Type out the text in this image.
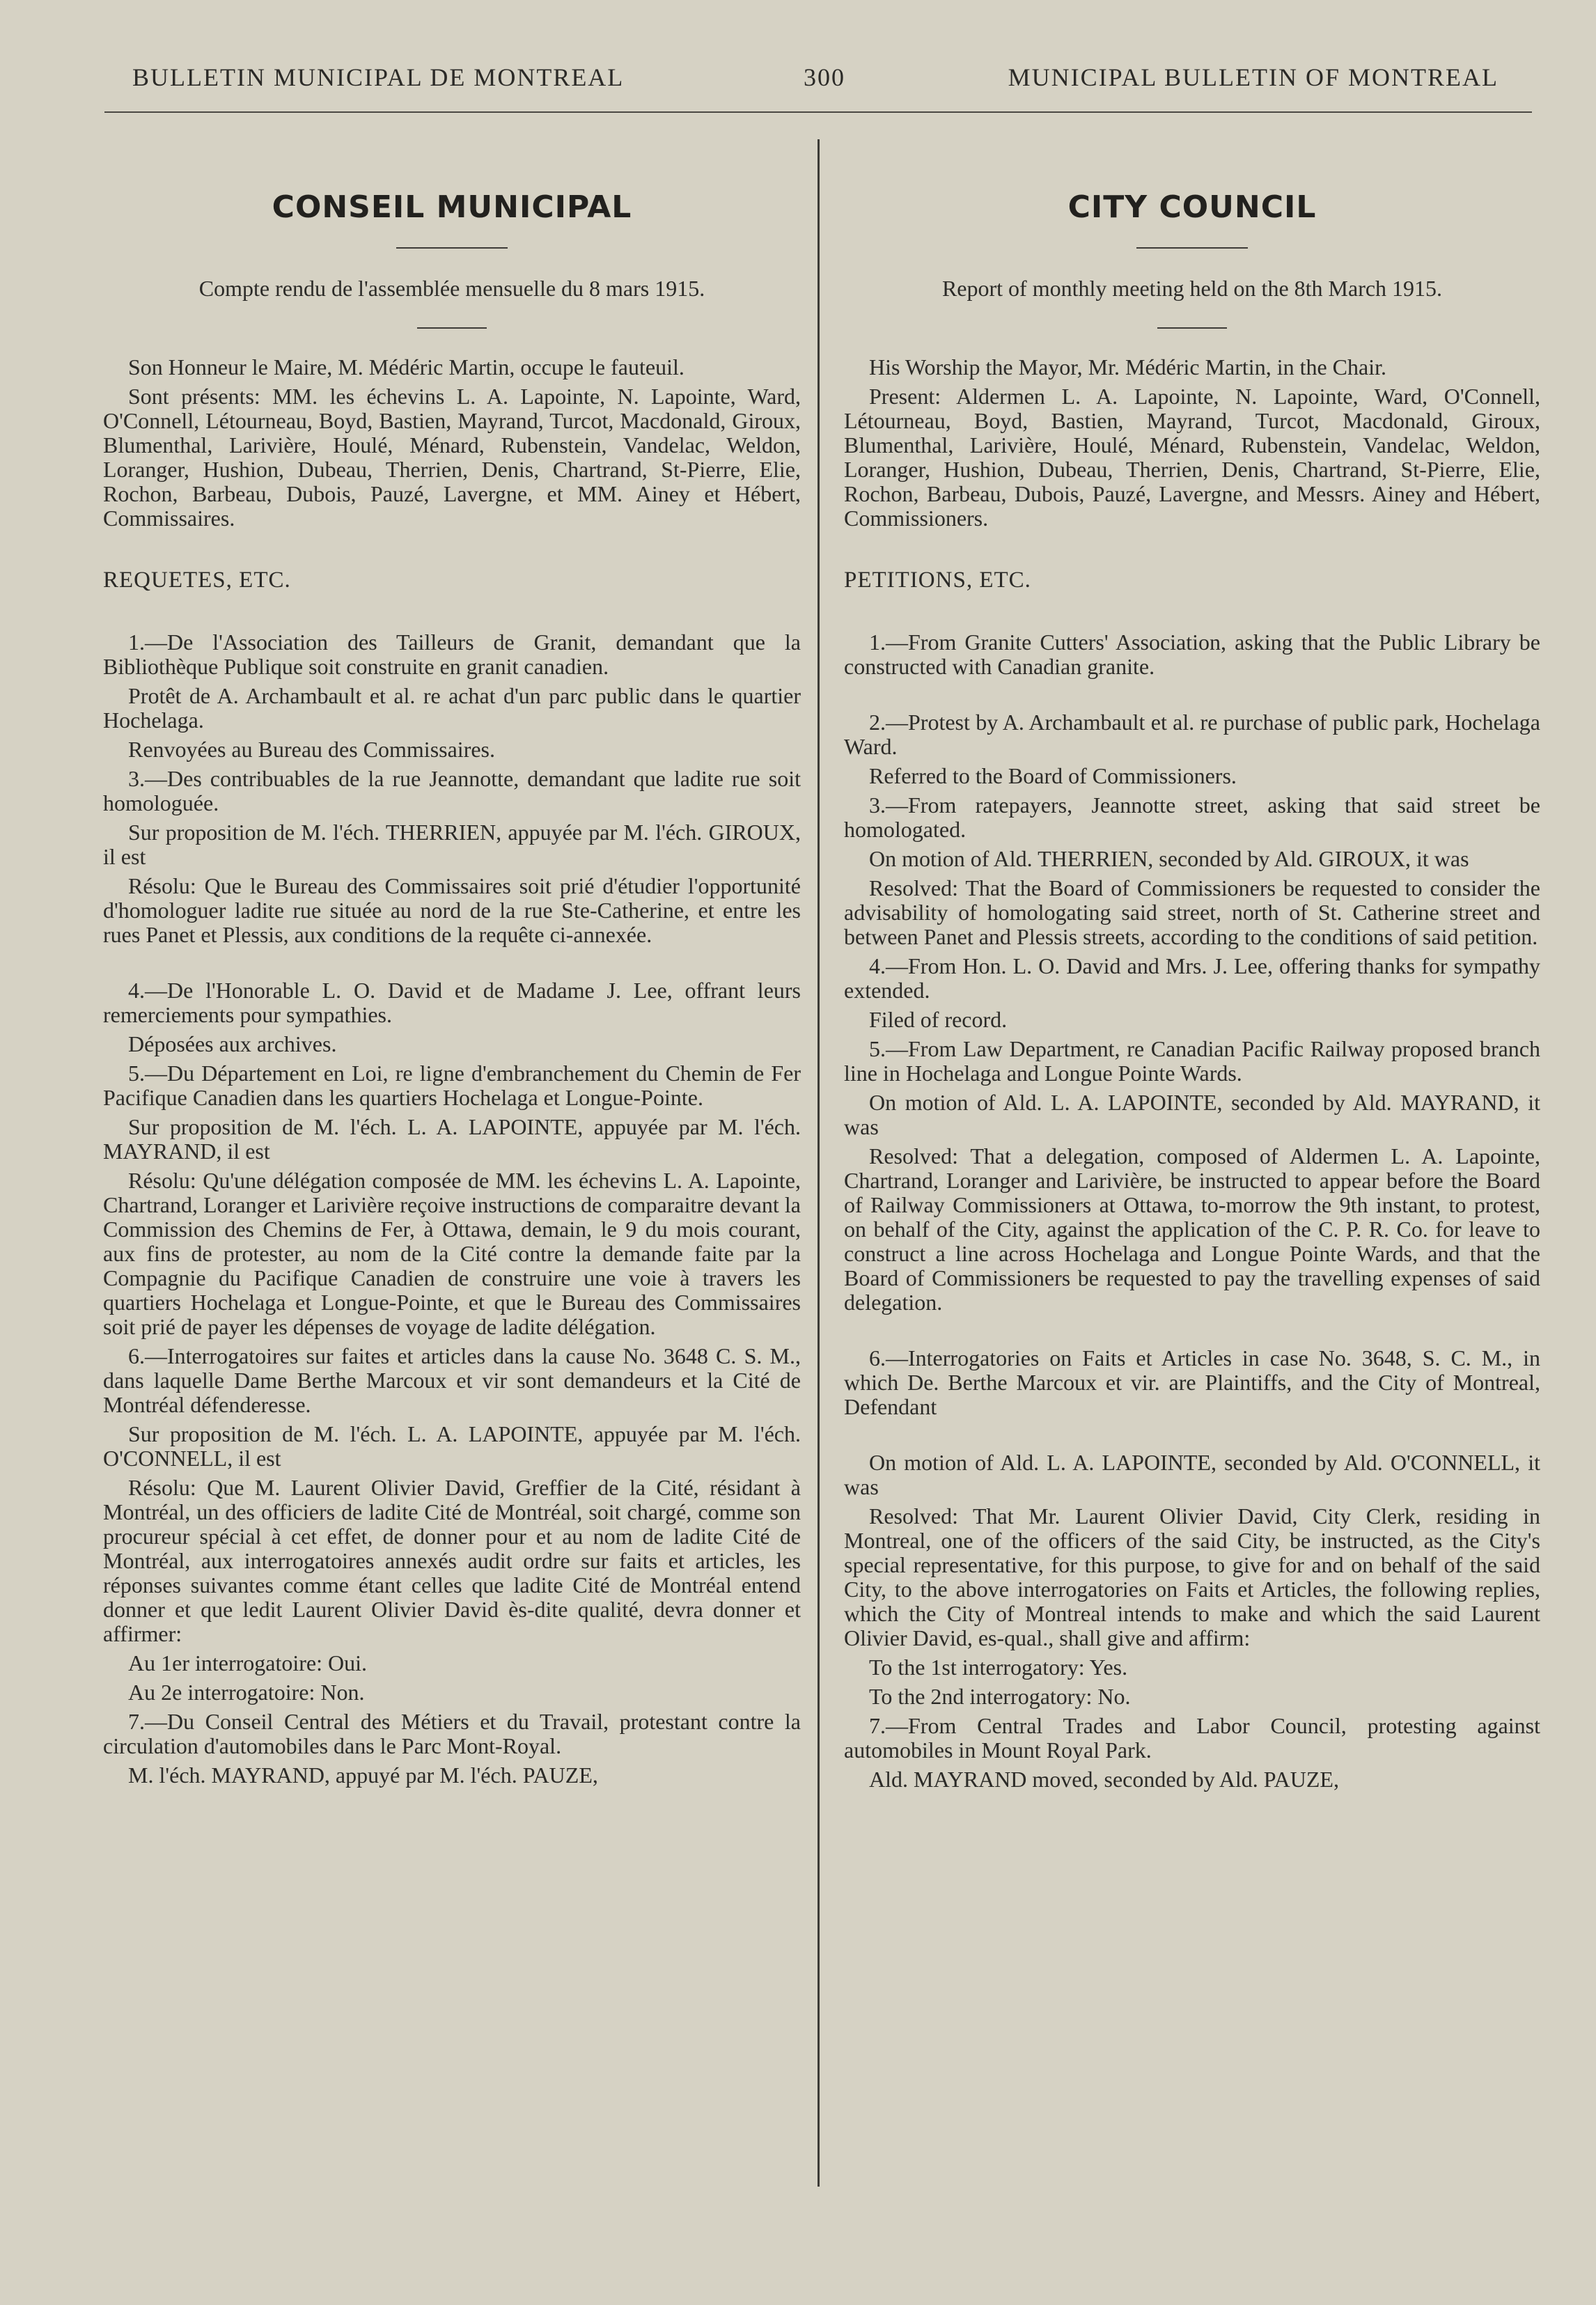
BULLETIN MUNICIPAL DE MONTREAL	300	MUNICIPAL BULLETIN OF MONTREAL
CONSEIL MUNICIPAL

Compte rendu de l'assemblée mensuelle du 8 mars 1915.

Son Honneur le Maire, M. Médéric Martin, occupe le fauteuil.

Sont présents: MM. les échevins L. A. Lapointe, N. Lapointe, Ward, O'Connell, Létourneau, Boyd, Bastien, Mayrand, Turcot, Macdonald, Giroux, Blumenthal, Larivière, Houlé, Ménard, Rubenstein, Vandelac, Weldon, Loranger, Hushion, Dubeau, Therrien, Denis, Chartrand, St-Pierre, Elie, Rochon, Barbeau, Dubois, Pauzé, Lavergne, et MM. Ainey et Hébert, Commissaires.

REQUETES, ETC.

1.—De l'Association des Tailleurs de Granit, demandant que la Bibliothèque Publique soit construite en granit canadien.

Protêt de A. Archambault et al. re achat d'un parc public dans le quartier Hochelaga.

Renvoyées au Bureau des Commissaires.

3.—Des contribuables de la rue Jeannotte, demandant que ladite rue soit homologuée.

Sur proposition de M. l'éch. THERRIEN, appuyée par M. l'éch. GIROUX, il est

Résolu: Que le Bureau des Commissaires soit prié d'étudier l'opportunité d'homologuer ladite rue située au nord de la rue Ste-Catherine, et entre les rues Panet et Plessis, aux conditions de la requête ci-annexée.

4.—De l'Honorable L. O. David et de Madame J. Lee, offrant leurs remerciements pour sympathies.

Déposées aux archives.

5.—Du Département en Loi, re ligne d'embranchement du Chemin de Fer Pacifique Canadien dans les quartiers Hochelaga et Longue-Pointe.

Sur proposition de M. l'éch. L. A. LAPOINTE, appuyée par M. l'éch. MAYRAND, il est

Résolu: Qu'une délégation composée de MM. les échevins L. A. Lapointe, Chartrand, Loranger et Larivière reçoive instructions de comparaitre devant la Commission des Chemins de Fer, à Ottawa, demain, le 9 du mois courant, aux fins de protester, au nom de la Cité contre la demande faite par la Compagnie du Pacifique Canadien de construire une voie à travers les quartiers Hochelaga et Longue-Pointe, et que le Bureau des Commissaires soit prié de payer les dépenses de voyage de ladite délégation.

6.—Interrogatoires sur faites et articles dans la cause No. 3648 C. S. M., dans laquelle Dame Berthe Marcoux et vir sont demandeurs et la Cité de Montréal défenderesse.

Sur proposition de M. l'éch. L. A. LAPOINTE, appuyée par M. l'éch. O'CONNELL, il est

Résolu: Que M. Laurent Olivier David, Greffier de la Cité, résidant à Montréal, un des officiers de ladite Cité de Montréal, soit chargé, comme son procureur spécial à cet effet, de donner pour et au nom de ladite Cité de Montréal, aux interrogatoires annexés audit ordre sur faits et articles, les réponses suivantes comme étant celles que ladite Cité de Montréal entend donner et que ledit Laurent Olivier David ès-dite qualité, devra donner et affirmer:

Au 1er interrogatoire: Oui.

Au 2e interrogatoire: Non.

7.—Du Conseil Central des Métiers et du Travail, protestant contre la circulation d'automobiles dans le Parc Mont-Royal.

M. l'éch. MAYRAND, appuyé par M. l'éch. PAUZE,

CITY COUNCIL

Report of monthly meeting held on the 8th March 1915.

His Worship the Mayor, Mr. Médéric Martin, in the Chair.

Present: Aldermen L. A. Lapointe, N. Lapointe, Ward, O'Connell, Létourneau, Boyd, Bastien, Mayrand, Turcot, Macdonald, Giroux, Blumenthal, Larivière, Houlé, Ménard, Rubenstein, Vandelac, Weldon, Loranger, Hushion, Dubeau, Therrien, Denis, Chartrand, St-Pierre, Elie, Rochon, Barbeau, Dubois, Pauzé, Lavergne, and Messrs. Ainey and Hébert, Commissioners.

PETITIONS, ETC.

1.—From Granite Cutters' Association, asking that the Public Library be constructed with Canadian granite.

2.—Protest by A. Archambault et al. re purchase of public park, Hochelaga Ward.

Referred to the Board of Commissioners.

3.—From ratepayers, Jeannotte street, asking that said street be homologated.

On motion of Ald. THERRIEN, seconded by Ald. GIROUX, it was

Resolved: That the Board of Commissioners be requested to consider the advisability of homologating said street, north of St. Catherine street and between Panet and Plessis streets, according to the conditions of said petition.

4.—From Hon. L. O. David and Mrs. J. Lee, offering thanks for sympathy extended.

Filed of record.

5.—From Law Department, re Canadian Pacific Railway proposed branch line in Hochelaga and Longue Pointe Wards.

On motion of Ald. L. A. LAPOINTE, seconded by Ald. MAYRAND, it was

Resolved: That a delegation, composed of Aldermen L. A. Lapointe, Chartrand, Loranger and Larivière, be instructed to appear before the Board of Railway Commissioners at Ottawa, to-morrow the 9th instant, to protest, on behalf of the City, against the application of the C. P. R. Co. for leave to construct a line across Hochelaga and Longue Pointe Wards, and that the Board of Commissioners be requested to pay the travelling expenses of said delegation.

6.—Interrogatories on Faits et Articles in case No. 3648, S. C. M., in which De. Berthe Marcoux et vir. are Plaintiffs, and the City of Montreal, Defendant

On motion of Ald. L. A. LAPOINTE, seconded by Ald. O'CONNELL, it was

Resolved: That Mr. Laurent Olivier David, City Clerk, residing in Montreal, one of the officers of the said City, be instructed, as the City's special representative, for this purpose, to give for and on behalf of the said City, to the above interrogatories on Faits et Articles, the following replies, which the City of Montreal intends to make and which the said Laurent Olivier David, es-qual., shall give and affirm:

To the 1st interrogatory: Yes.

To the 2nd interrogatory: No.

7.—From Central Trades and Labor Council, protesting against automobiles in Mount Royal Park.

Ald. MAYRAND moved, seconded by Ald. PAUZE,
